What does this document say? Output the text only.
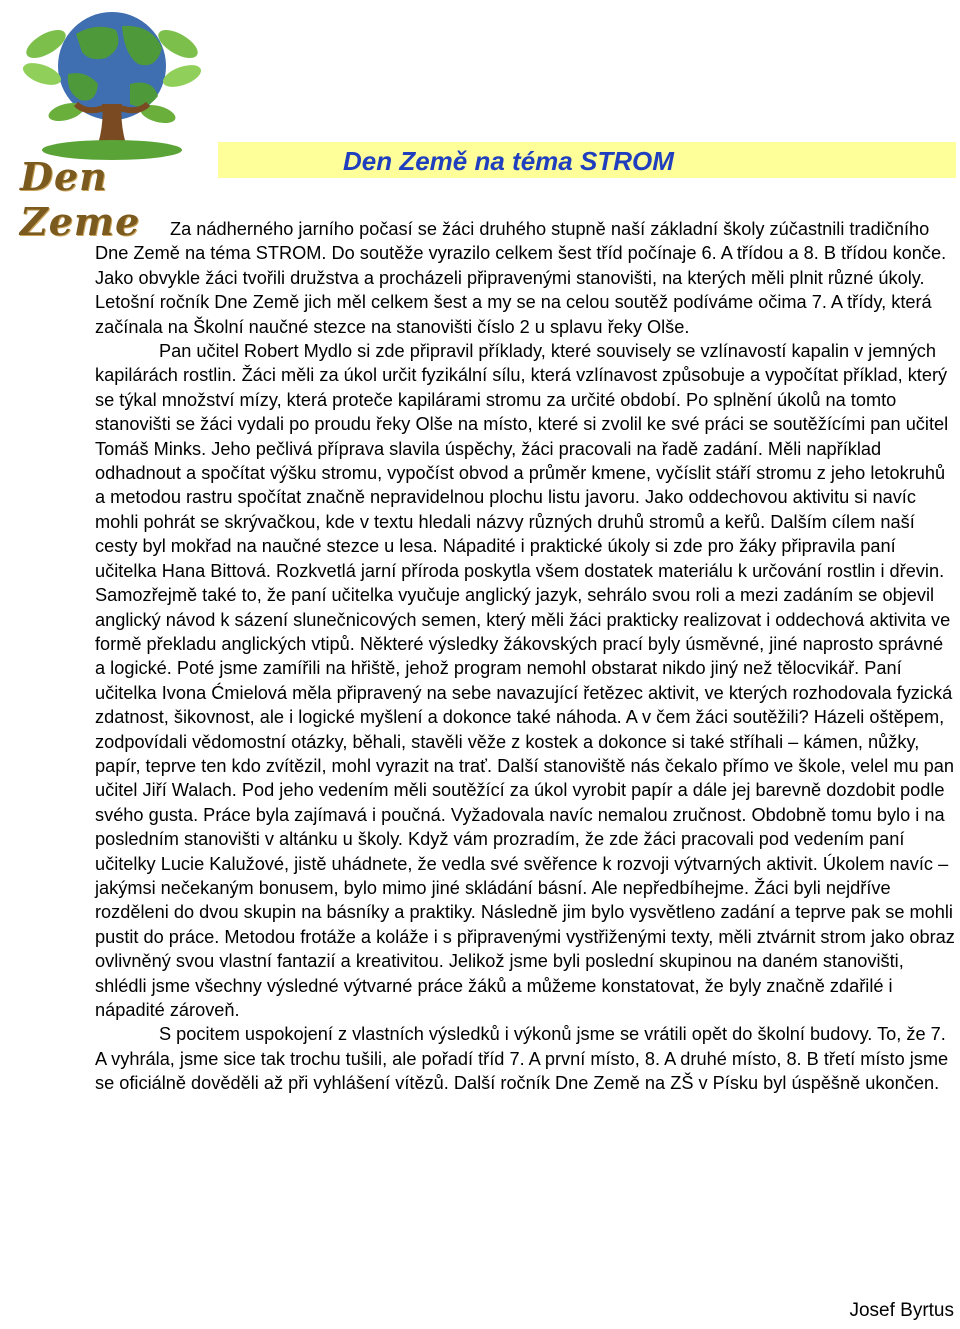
Den Zeme
Den Země na téma STROM

Za nádherného jarního počasí se žáci druhého stupně naší základní školy zúčastnili tradičního Dne Země na téma STROM. Do soutěže vyrazilo celkem šest tříd počínaje 6. A třídou a 8. B třídou konče. Jako obvykle žáci tvořili družstva a procházeli připravenými stanovišti, na kterých měli plnit různé úkoly. Letošní ročník Dne Země jich měl celkem šest a my se na celou soutěž podíváme očima 7. A třídy, která začínala na Školní naučné stezce na stanovišti číslo 2 u splavu řeky Olše.

Pan učitel Robert Mydlo si zde připravil příklady, které souvisely se vzlínavostí kapalin v jemných kapilárách rostlin. Žáci měli za úkol určit fyzikální sílu, která vzlínavost způsobuje a vypočítat příklad, který se týkal množství mízy, která proteče kapilárami stromu za určité období. Po splnění úkolů na tomto stanovišti se žáci vydali po proudu řeky Olše na místo, které si zvolil ke své práci se soutěžícími pan učitel Tomáš Minks. Jeho pečlivá příprava slavila úspěchy, žáci pracovali na řadě zadání. Měli například odhadnout a spočítat výšku stromu, vypočíst obvod a průměr kmene, vyčíslit stáří stromu z jeho letokruhů a metodou rastru spočítat značně nepravidelnou plochu listu javoru. Jako oddechovou aktivitu si navíc mohli pohrát se skrývačkou, kde v textu hledali názvy různých druhů stromů a keřů. Dalším cílem naší cesty byl mokřad na naučné stezce u lesa. Nápadité i praktické úkoly si zde pro žáky připravila paní učitelka Hana Bittová. Rozkvetlá jarní příroda poskytla všem dostatek materiálu k určování rostlin i dřevin. Samozřejmě také to, že paní učitelka vyučuje anglický jazyk, sehrálo svou roli a mezi zadáním se objevil anglický návod k sázení slunečnicových semen, který měli žáci prakticky realizovat i oddechová aktivita ve formě překladu anglických vtipů. Některé výsledky žákovských prací byly úsměvné, jiné naprosto správné a logické. Poté jsme zamířili na hřiště, jehož program nemohl obstarat nikdo jiný než tělocvikář. Paní učitelka Ivona Ćmielová měla připravený na sebe navazující řetězec aktivit, ve kterých rozhodovala fyzická zdatnost, šikovnost, ale i logické myšlení a dokonce také náhoda. A v čem žáci soutěžili? Házeli oštěpem, zodpovídali vědomostní otázky, běhali, stavěli věže z kostek a dokonce si také stříhali – kámen, nůžky, papír, teprve ten kdo zvítězil, mohl vyrazit na trať. Další stanoviště nás čekalo přímo ve škole, velel mu pan učitel Jiří Walach. Pod jeho vedením měli soutěžící za úkol vyrobit papír a dále jej barevně dozdobit podle svého gusta. Práce byla zajímavá i poučná. Vyžadovala navíc nemalou zručnost. Obdobně tomu bylo i na posledním stanovišti v altánku u školy. Když vám prozradím, že zde žáci pracovali pod vedením paní učitelky Lucie Kalužové, jistě uhádnete, že vedla své svěřence k rozvoji výtvarných aktivit. Úkolem navíc – jakýmsi nečekaným bonusem, bylo mimo jiné skládání básní. Ale nepředbíhejme. Žáci byli nejdříve rozděleni do dvou skupin na básníky a praktiky. Následně jim bylo vysvětleno zadání a teprve pak se mohli pustit do práce. Metodou frotáže a koláže i s připravenými vystřiženými texty, měli ztvárnit strom jako obraz ovlivněný svou vlastní fantazií a kreativitou. Jelikož jsme byli poslední skupinou na daném stanovišti, shlédli jsme všechny výsledné výtvarné práce žáků a můžeme konstatovat, že byly značně zdařilé i nápadité zároveň.

S pocitem uspokojení z vlastních výsledků i výkonů jsme se vrátili opět do školní budovy. To, že 7. A vyhrála, jsme sice tak trochu tušili, ale pořadí tříd 7. A první místo, 8. A druhé místo, 8. B třetí místo jsme se oficiálně dověděli až při vyhlášení vítězů. Další ročník Dne Země na ZŠ v Písku byl úspěšně ukončen.

Josef Byrtus
